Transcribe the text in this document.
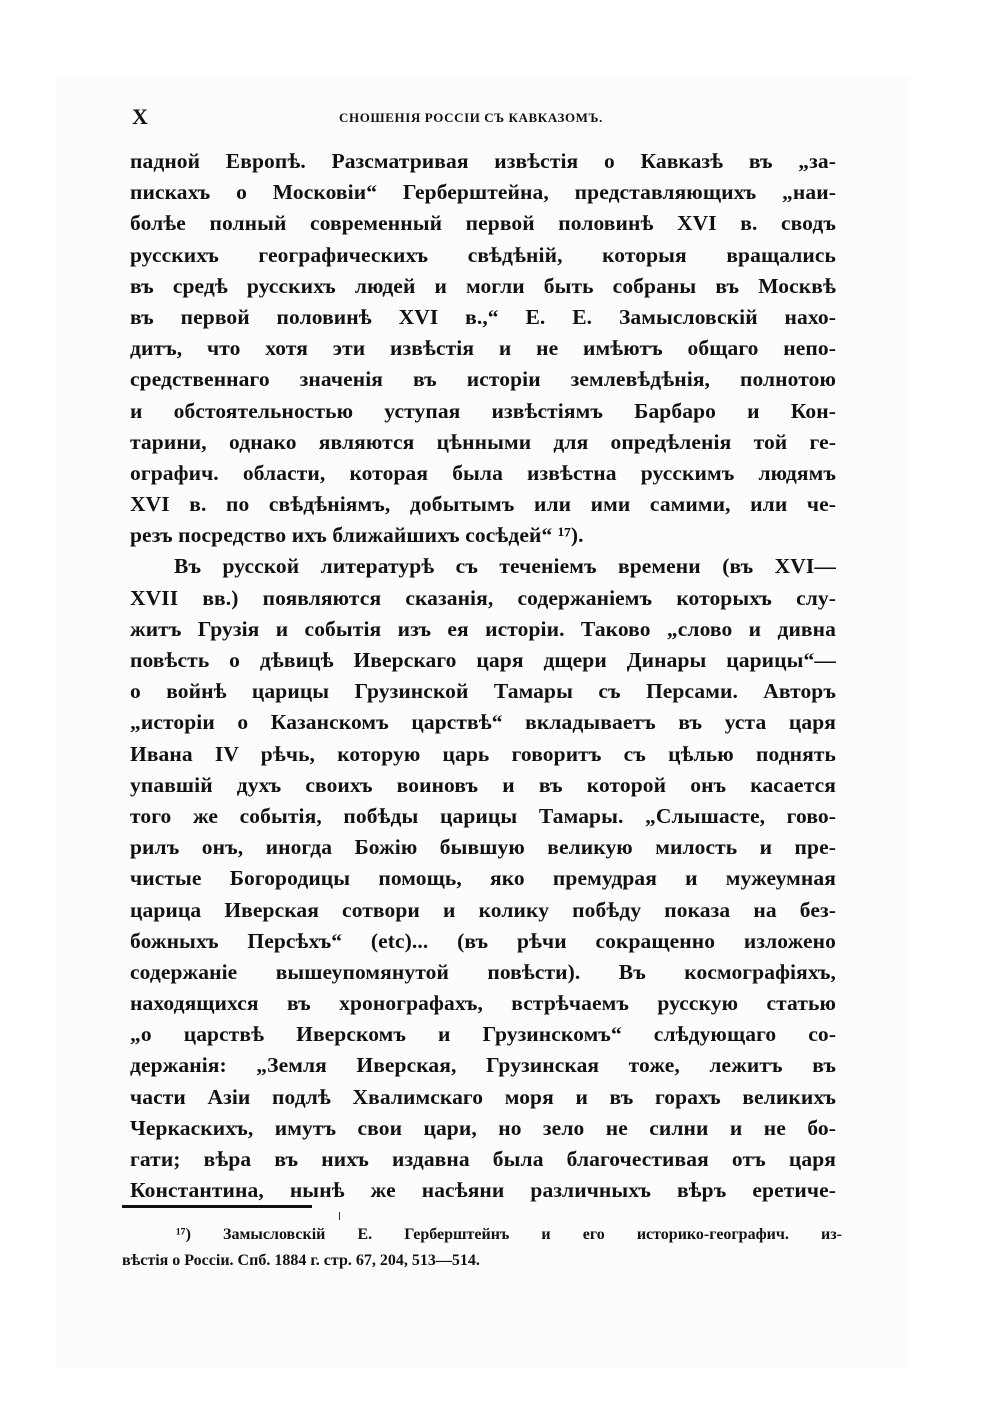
X	СНОШЕНІЯ РОССІИ СЪ КАВКАЗОМЪ.
падной Европѣ. Разсматривая извѣстія о Кавказѣ въ „за-
пискахъ о Московіи“ Герберштейна, представляющихъ „наи-
болѣе полный современный первой половинѣ XVI в. сводъ
русскихъ географическихъ свѣдѣній, которыя вращались
въ средѣ русскихъ людей и могли быть собраны въ Москвѣ
въ первой половинѣ XVI в.,“ Е. Е. Замысловскій нахо-
дитъ, что хотя эти извѣстія и не имѣютъ общаго непо-
средственнаго значенія въ исторіи землевѣдѣнія, полнотою
и обстоятельностью уступая извѣстіямъ Барбаро и Кон-
тарини, однако являются цѣнными для опредѣленія той ге-
ографич. области, которая была извѣстна русскимъ людямъ
XVI в. по свѣдѣніямъ, добытымъ или ими самими, или че-
резъ посредство ихъ ближайшихъ сосѣдей“ ¹⁷).
Въ русской литературѣ съ теченіемъ времени (въ XVI—
XVII вв.) появляются сказанія, содержаніемъ которыхъ слу-
житъ Грузія и событія изъ ея исторіи. Таково „слово и дивна
повѣсть о дѣвицѣ Иверскаго царя дщери Динары царицы“—
о войнѣ царицы Грузинской Тамары съ Персами. Авторъ
„исторіи о Казанскомъ царствѣ“ вкладываетъ въ уста царя
Ивана IV рѣчь, которую царь говоритъ съ цѣлью поднять
упавшій духъ своихъ воиновъ и въ которой онъ касается
того же событія, побѣды царицы Тамары. „Слышасте, гово-
рилъ онъ, иногда Божію бывшую великую милость и пре-
чистые Богородицы помощь, яко премудрая и мужеумная
царица Иверская сотвори и колику побѣду показа на без-
божныхъ Персѣхъ“ (etc)... (въ рѣчи сокращенно изложено
содержаніе вышеупомянутой повѣсти). Въ космографіяхъ,
находящихся въ хронографахъ, встрѣчаемъ русскую статью
„о царствѣ Иверскомъ и Грузинскомъ“ слѣдующаго со-
держанія: „Земля Иверская, Грузинская тоже, лежитъ въ
части Азіи подлѣ Хвалимскаго моря и въ горахъ великихъ
Черкаскихъ, имутъ свои цари, но зело не силни и не бо-
гати; вѣра въ нихъ издавна была благочестивая отъ царя
Константина, нынѣ же насѣяни различныхъ вѣръ еретиче-
¹⁷) Замысловскій Е. Герберштейнъ и его историко-географич. из-
вѣстія о Россіи. Спб. 1884 г. стр. 67, 204, 513—514.
